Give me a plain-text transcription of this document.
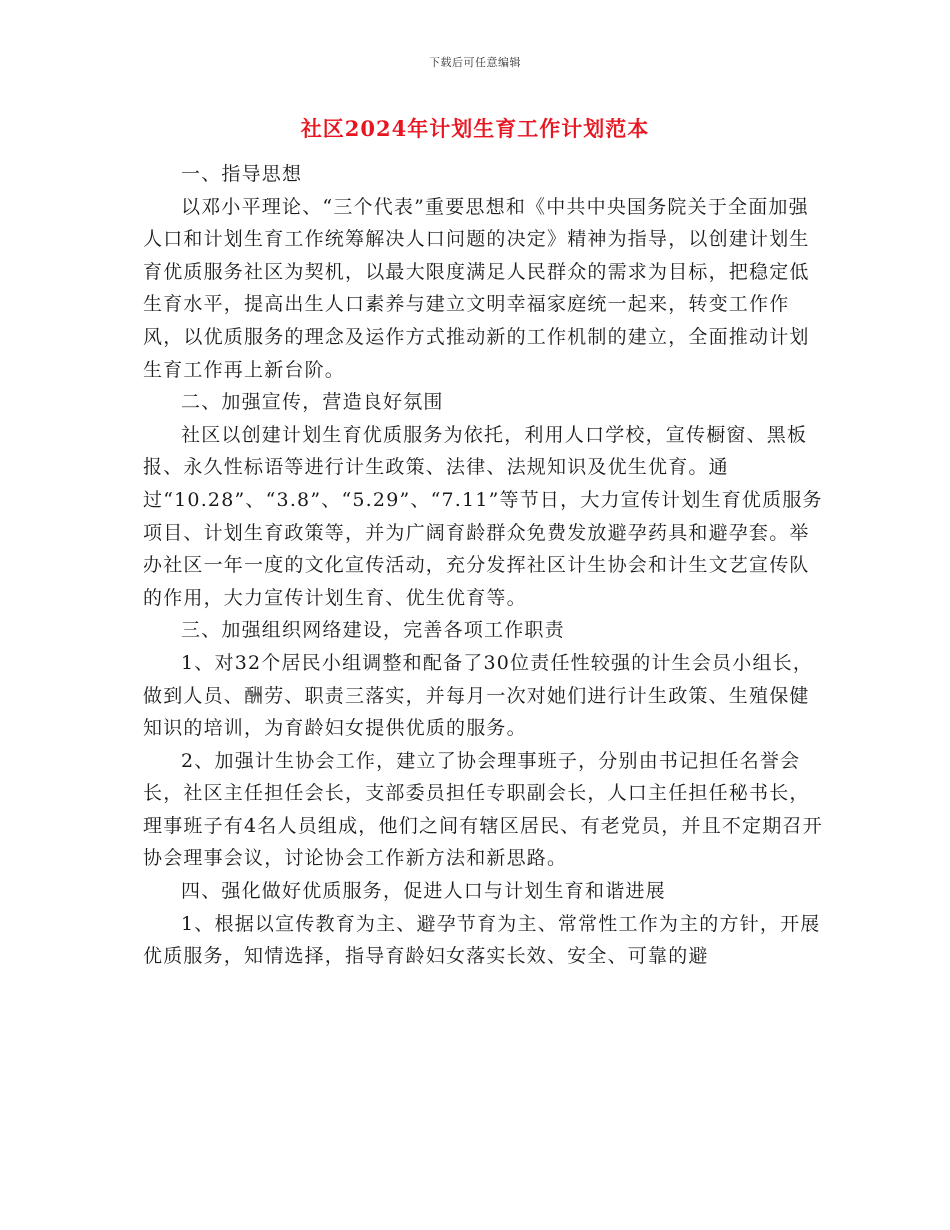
下载后可任意编辑
社区2024年计划生育工作计划范本

一、指导思想

以邓小平理论、“三个代表”重要思想和《中共中央国务院关于全面加强人口和计划生育工作统筹解决人口问题的决定》精神为指导，以创建计划生育优质服务社区为契机，以最大限度满足人民群众的需求为目标，把稳定低生育水平，提高出生人口素养与建立文明幸福家庭统一起来，转变工作作风，以优质服务的理念及运作方式推动新的工作机制的建立，全面推动计划生育工作再上新台阶。

二、加强宣传，营造良好氛围

社区以创建计划生育优质服务为依托，利用人口学校，宣传橱窗、黑板报、永久性标语等进行计生政策、法律、法规知识及优生优育。通过“10.28”、“3.8”、“5.29”、“7.11”等节日，大力宣传计划生育优质服务项目、计划生育政策等，并为广阔育龄群众免费发放避孕药具和避孕套。举办社区一年一度的文化宣传活动，充分发挥社区计生协会和计生文艺宣传队的作用，大力宣传计划生育、优生优育等。

三、加强组织网络建设，完善各项工作职责

1、对32个居民小组调整和配备了30位责任性较强的计生会员小组长，做到人员、酬劳、职责三落实，并每月一次对她们进行计生政策、生殖保健知识的培训，为育龄妇女提供优质的服务。

2、加强计生协会工作，建立了协会理事班子，分别由书记担任名誉会长，社区主任担任会长，支部委员担任专职副会长，人口主任担任秘书长，理事班子有4名人员组成，他们之间有辖区居民、有老党员，并且不定期召开协会理事会议，讨论协会工作新方法和新思路。

四、强化做好优质服务，促进人口与计划生育和谐进展

1、根据以宣传教育为主、避孕节育为主、常常性工作为主的方针，开展优质服务，知情选择，指导育龄妇女落实长效、安全、可靠的避
